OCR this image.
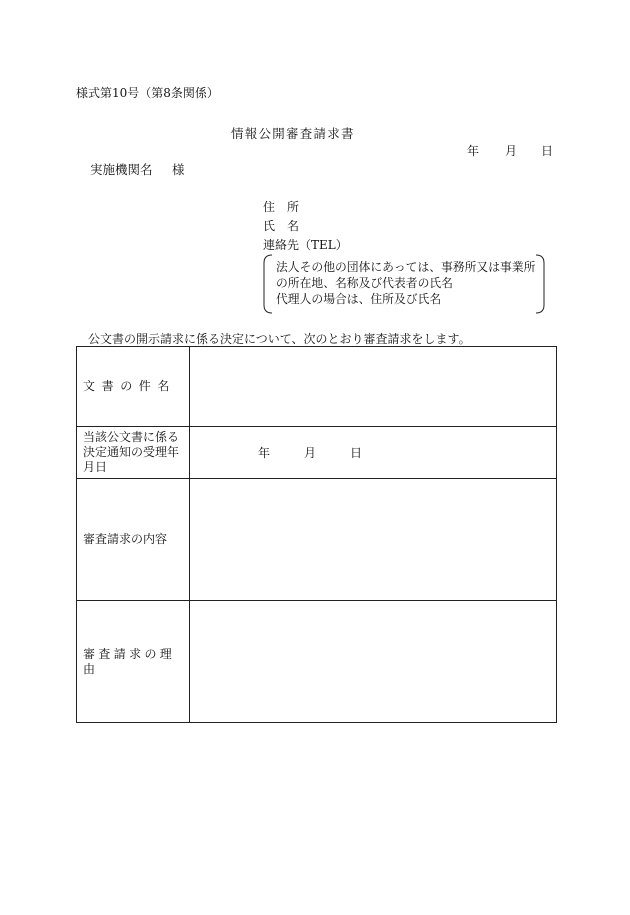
様式第10号（第8条関係）
情報公開審査請求書
年 月 日
実施機関名 様
住　所
氏　名
連絡先（TEL）
法人その他の団体にあっては、事務所又は事業所
の所在地、名称及び代表者の氏名
代理人の場合は、住所及び氏名
公文書の開示請求に係る決定について、次のとおり審査請求をします。
文書の件名	
当該公文書に係る決定通知の受理年月日	年 月 日
審査請求の内容	
審査請求の理由	
